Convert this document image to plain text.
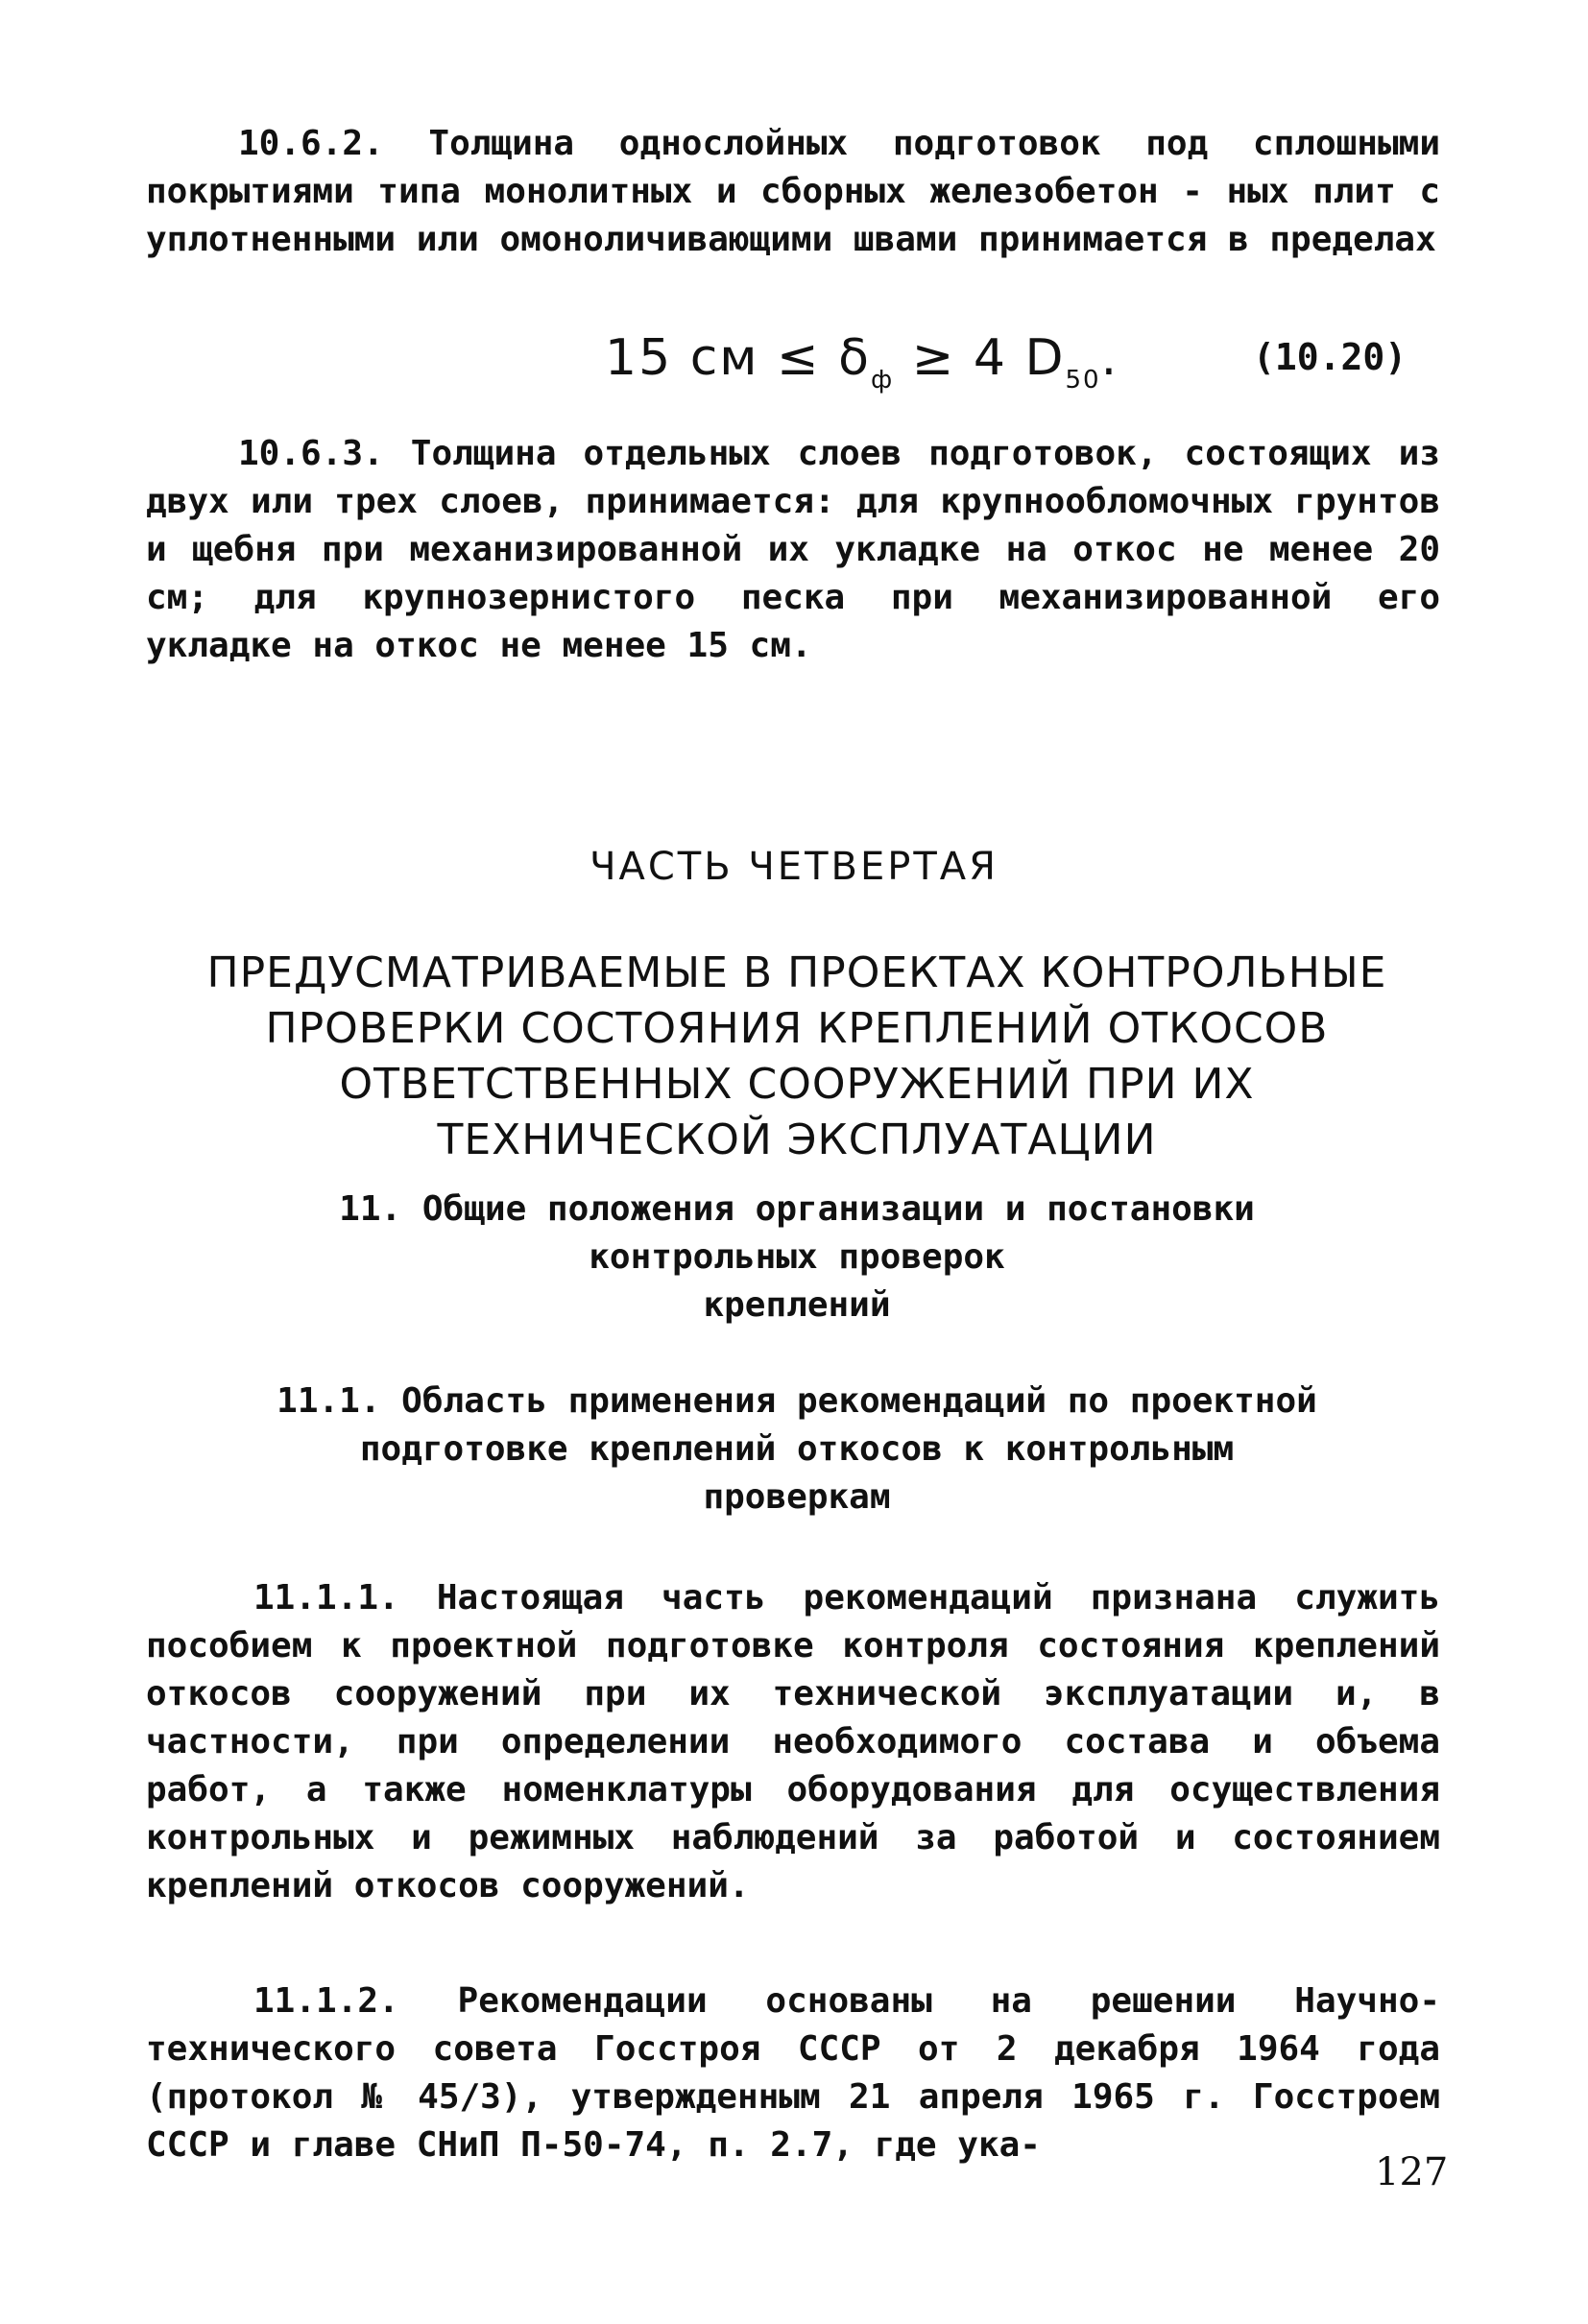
10.6.2. Толщина однослойных подготовок под сплошными покрытиями типа монолитных и сборных железобетон - ных плит с уплотненными или омоноличивающими швами принимается в пределах

15 см ≤ $\delta_ф \ge 4$ $D_{50}$.	(10.20)

10.6.3. Толщина отдельных слоев подготовок, состоящих из двух или трех слоев, принимается: для крупнообломочных грунтов и щебня при механизированной их укладке на откос не менее 20 см; для крупнозернистого песка при механизированной его укладке на откос не менее 15 см.

ЧАСТЬ ЧЕТВЕРТАЯ
ПРЕДУСМАТРИВАЕМЫЕ В ПРОЕКТАХ КОНТРОЛЬНЫЕ
ПРОВЕРКИ СОСТОЯНИЯ КРЕПЛЕНИЙ ОТКОСОВ
ОТВЕТСТВЕННЫХ СООРУЖЕНИЙ ПРИ ИХ
ТЕХНИЧЕСКОЙ ЭКСПЛУАТАЦИИ
11. Общие положения организации и постановки
контрольных проверок
креплений
11.1. Область применения рекомендаций по проектной
подготовке креплений откосов к контрольным
проверкам

11.1.1. Настоящая часть рекомендаций признана служить пособием к проектной подготовке контроля состояния креплений откосов сооружений при их технической эксплуатации и, в частности, при определении необходимого состава и объема работ, а также номенклатуры оборудования для осуществления контрольных и режимных наблюдений за работой и состоянием креплений откосов сооружений.

11.1.2. Рекомендации основаны на решении Научно-технического совета Госстроя СССР от 2 декабря 1964 года (протокол № 45/3), утвержденным 21 апреля 1965 г. Госстроем СССР и главе СНиП П-50-74, п. 2.7, где ука-

127
